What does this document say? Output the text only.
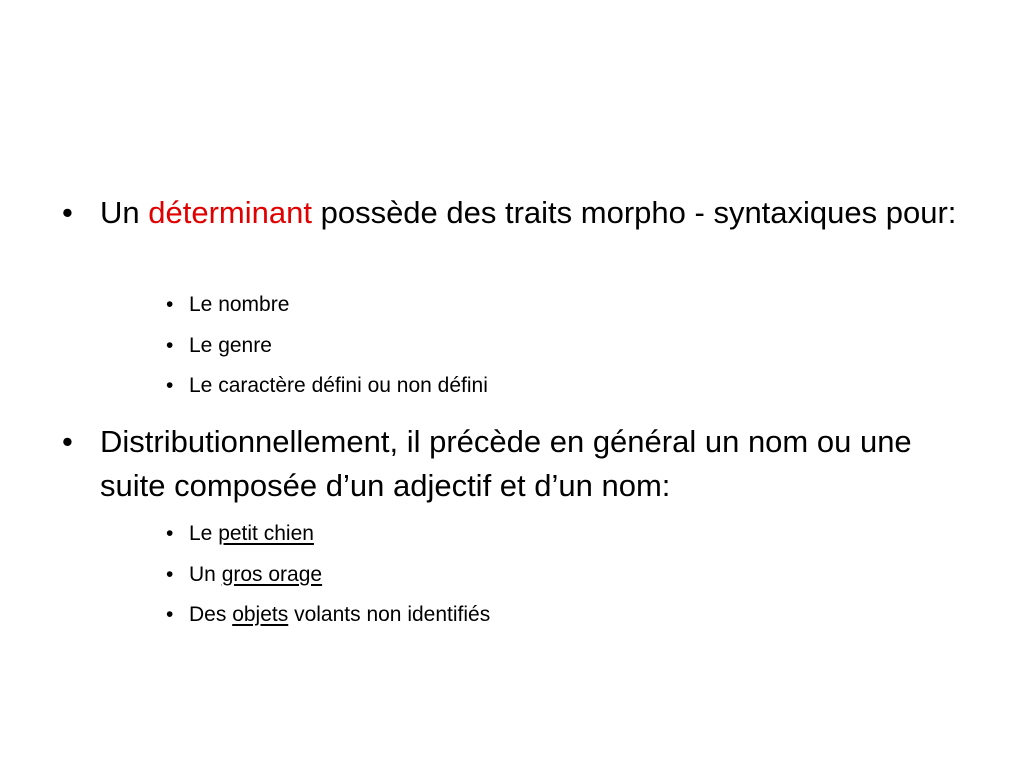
• Un déterminant possède des traits morpho - syntaxiques pour:
• Le nombre
• Le genre
• Le caractère défini ou non défini
• Distributionnellement, il précède en général un nom ou une suite composée d’un adjectif et d’un nom:
• Le petit chien
• Un gros orage
• Des objets volants non identifiés
